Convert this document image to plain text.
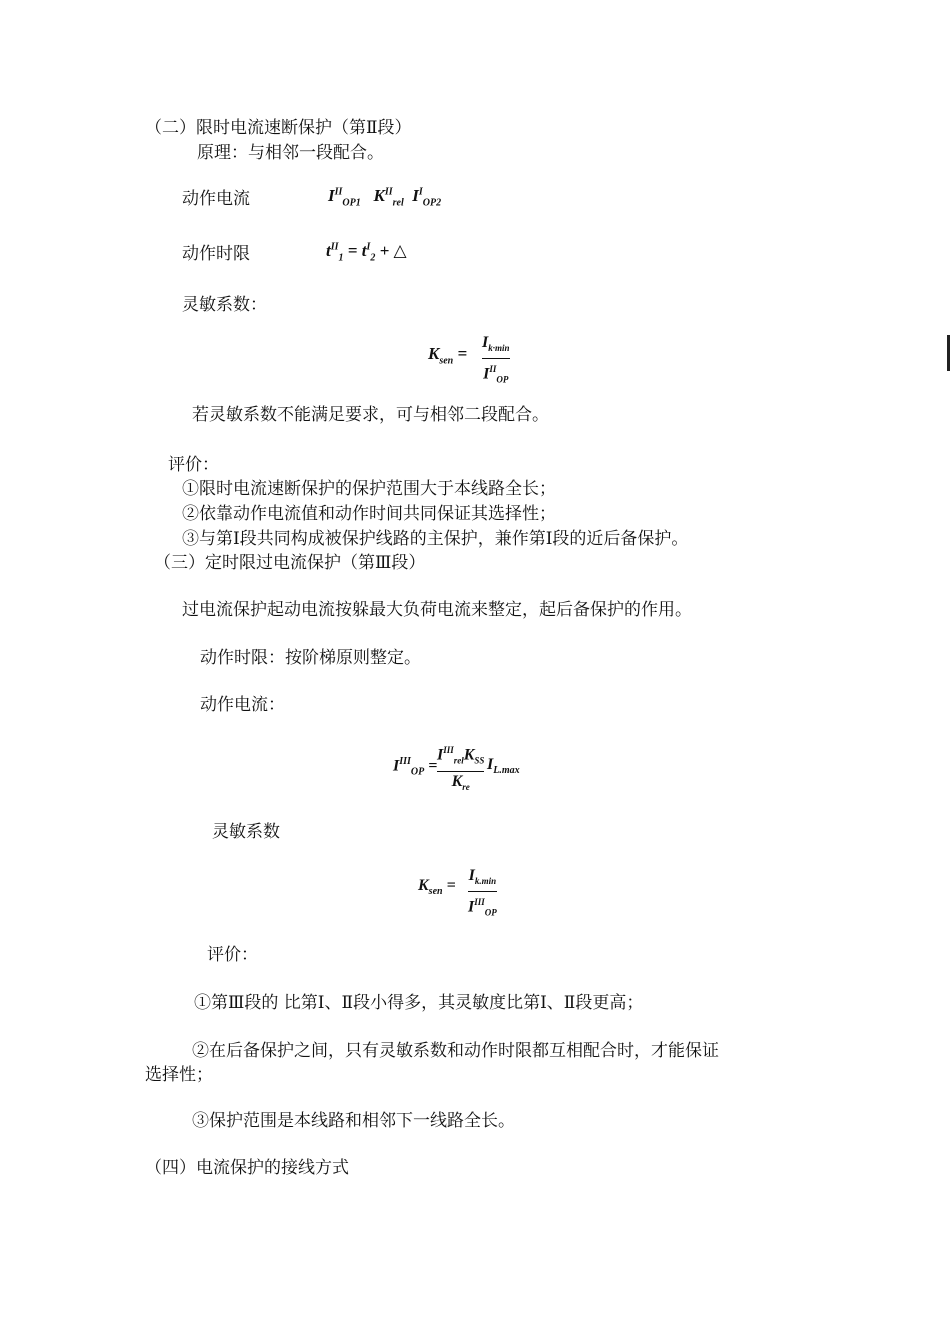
（二）限时电流速断保护（第Ⅱ段）
原理：与相邻一段配合。
动作电流	$I^{II}_{OP1}$ $K^{II}_{rel}$ $I^I_{OP2}$
动作时限	$t^{II}_1 = t^I_2$ + △
灵敏系数：
$K_{sen}$ =
$I_{k\cdot min}$
$I^{II}_{OP}$
若灵敏系数不能满足要求，可与相邻二段配合。
评价：
①限时电流速断保护的保护范围大于本线路全长；
②依靠动作电流值和动作时间共同保证其选择性；
③与第Ⅰ段共同构成被保护线路的主保护，兼作第Ⅰ段的近后备保护。
（三）定时限过电流保护（第Ⅲ段）
过电流保护起动电流按躲最大负荷电流来整定，起后备保护的作用。
动作时限：按阶梯原则整定。
动作电流：
$I^{III}_{OP}$ =
$I^{III}_{rel}K_{SS}$
$K_{re}$
$I_{L.max}$
灵敏系数
$K_{sen}$ =
$I_{k.min}$
$I^{III}_{OP}$
评价：
①第Ⅲ段的 比第Ⅰ、Ⅱ段小得多，其灵敏度比第Ⅰ、Ⅱ段更高；
②在后备保护之间，只有灵敏系数和动作时限都互相配合时，才能保证
选择性；
③保护范围是本线路和相邻下一线路全长。
（四）电流保护的接线方式
